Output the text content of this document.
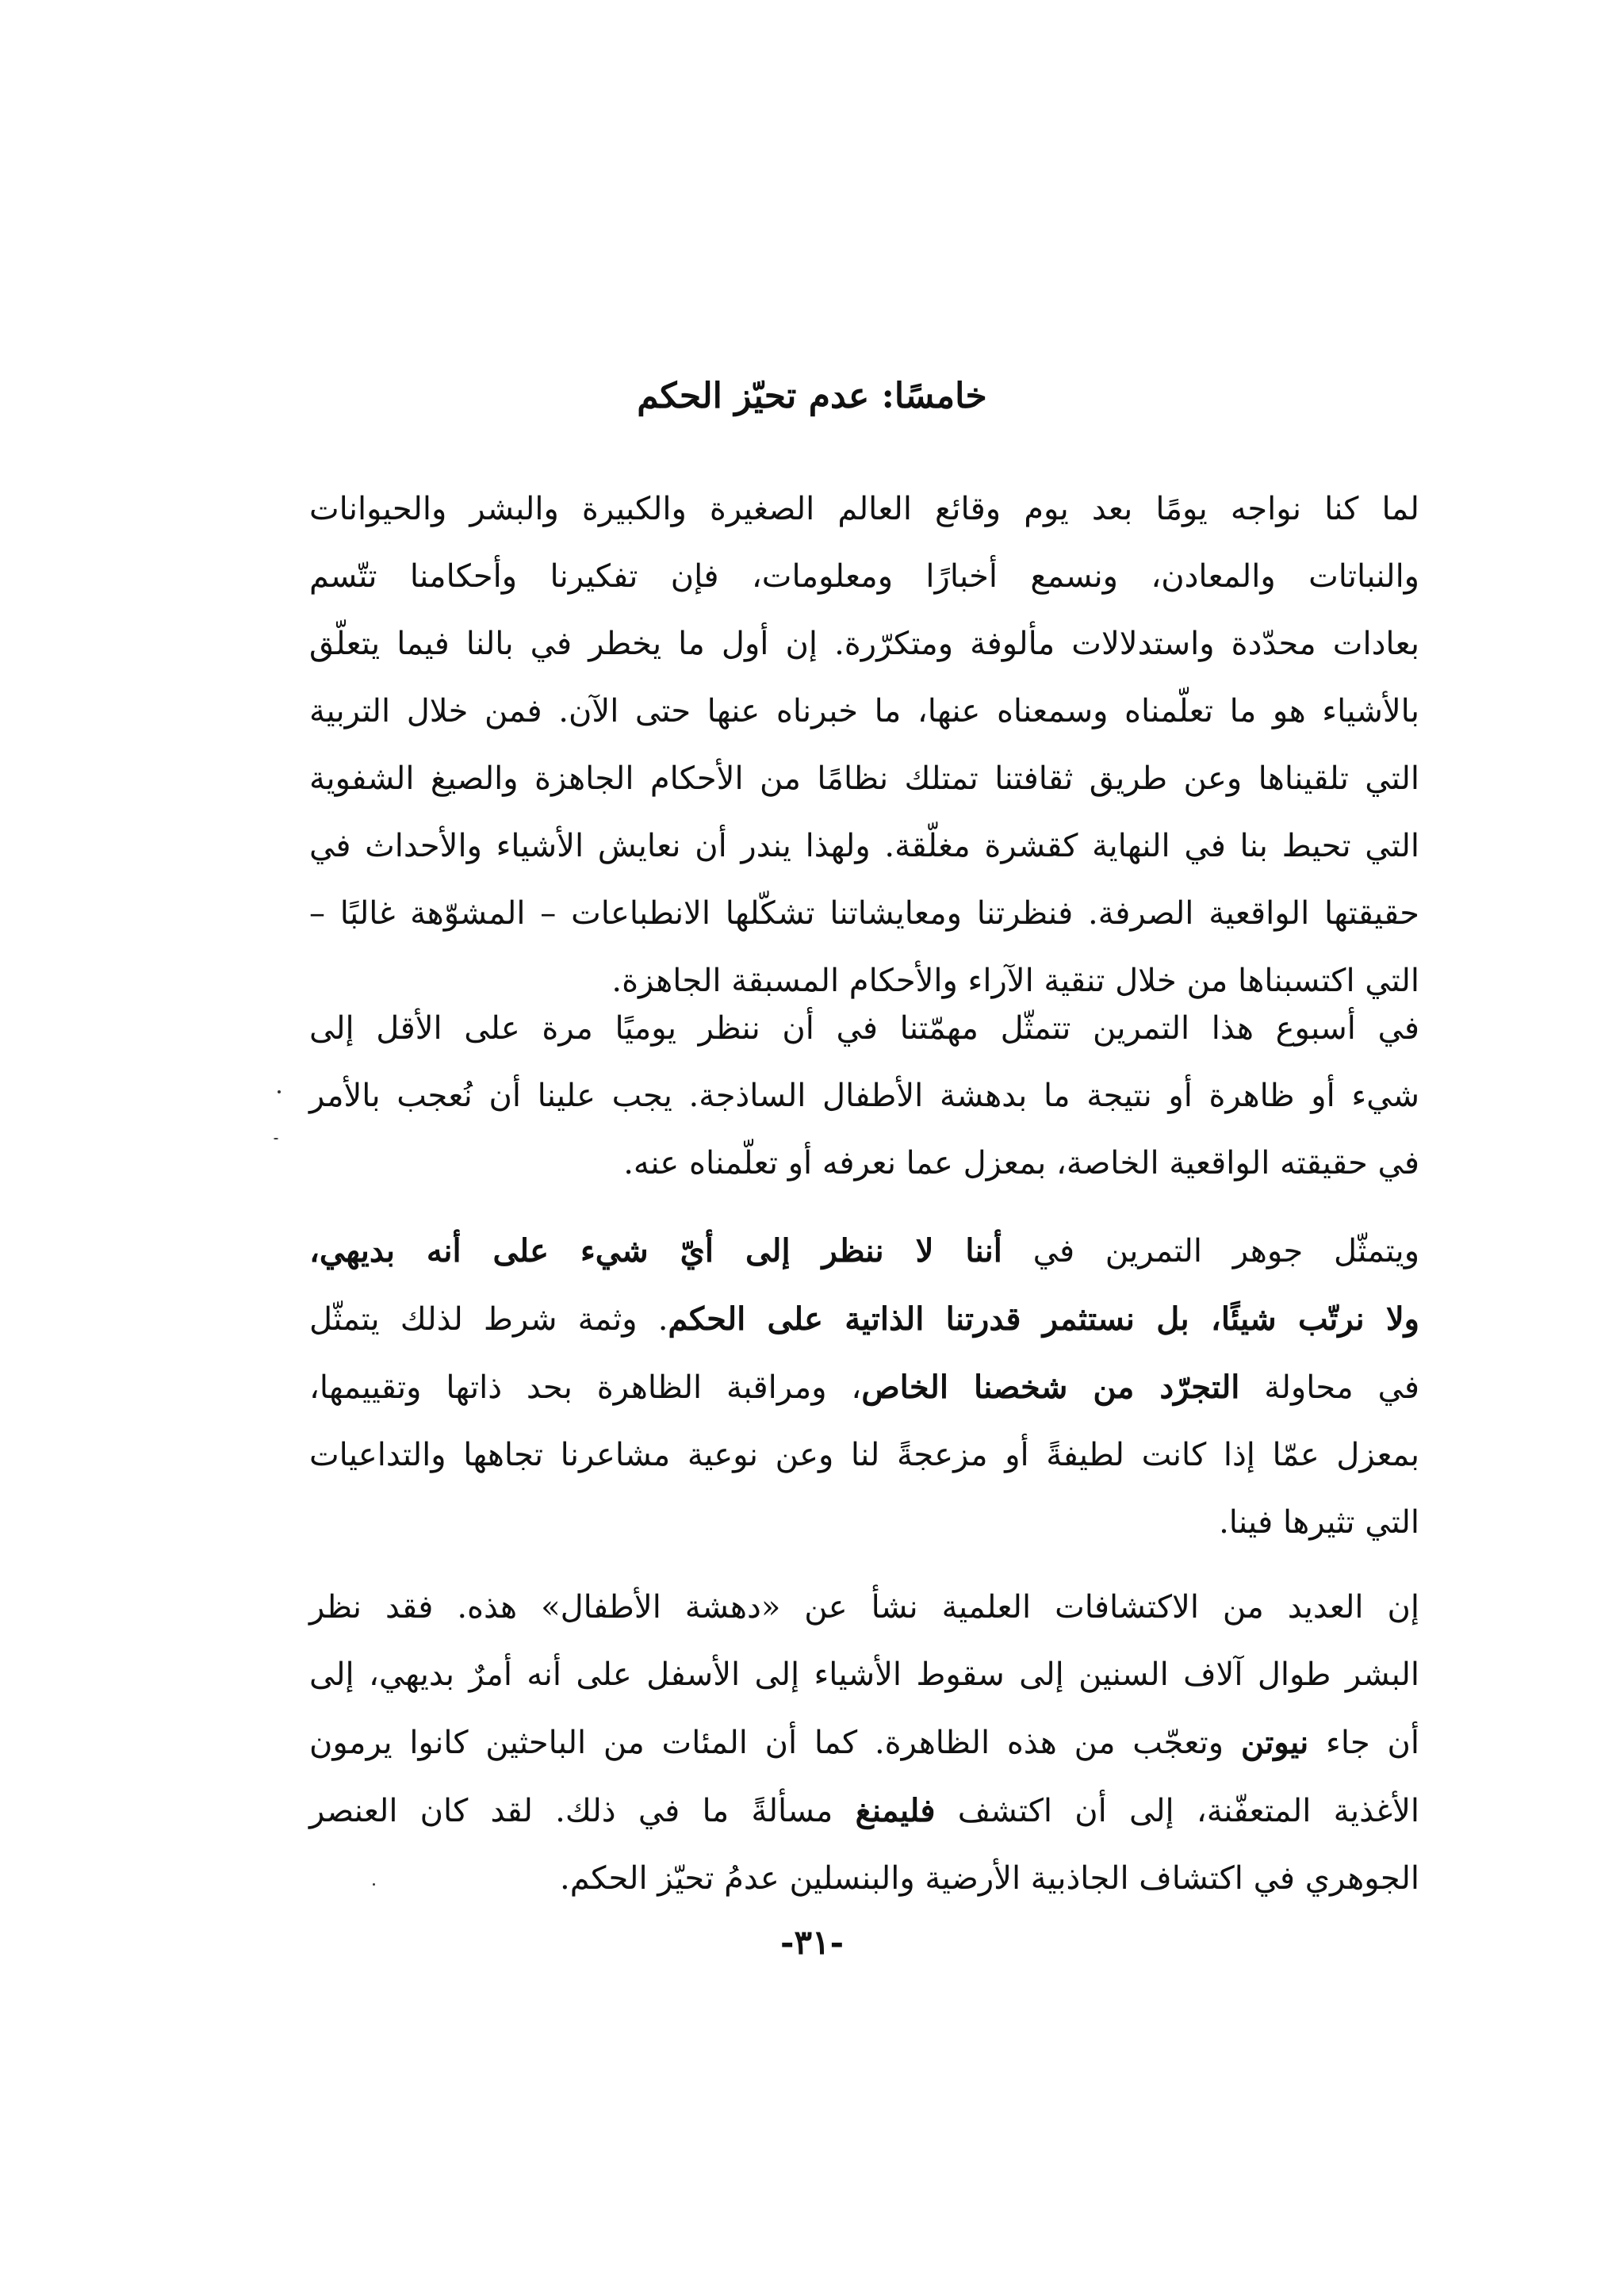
خامسًا: عدم تحيّز الحكم
لما كنا نواجه يومًا بعد يوم وقائع العالم الصغيرة والكبيرة والبشر والحيوانات
والنباتات والمعادن، ونسمع أخبارًا ومعلومات، فإن تفكيرنا وأحكامنا تتّسم
بعادات محدّدة واستدلالات مألوفة ومتكرّرة. إن أول ما يخطر في بالنا فيما يتعلّق
بالأشياء هو ما تعلّمناه وسمعناه عنها، ما خبرناه عنها حتى الآن. فمن خلال التربية
التي تلقيناها وعن طريق ثقافتنا تمتلك نظامًا من الأحكام الجاهزة والصيغ الشفوية
التي تحيط بنا في النهاية كقشرة مغلّقة. ولهذا يندر أن نعايش الأشياء والأحداث في
حقيقتها الواقعية الصرفة. فنظرتنا ومعايشاتنا تشكّلها الانطباعات – المشوّهة غالبًا –
التي اكتسبناها من خلال تنقية الآراء والأحكام المسبقة الجاهزة.
في أسبوع هذا التمرين تتمثّل مهمّتنا في أن ننظر يوميًا مرة على الأقل إلى
شيء أو ظاهرة أو نتيجة ما بدهشة الأطفال الساذجة. يجب علينا أن نُعجب بالأمر
في حقيقته الواقعية الخاصة، بمعزل عما نعرفه أو تعلّمناه عنه.
ويتمثّل جوهر التمرين في أننا لا ننظر إلى أيّ شيء على أنه بديهي،
ولا نرتّب شيئًا، بل نستثمر قدرتنا الذاتية على الحكم. وثمة شرط لذلك يتمثّل
في محاولة التجرّد من شخصنا الخاص، ومراقبة الظاهرة بحد ذاتها وتقييمها،
بمعزل عمّا إذا كانت لطيفةً أو مزعجةً لنا وعن نوعية مشاعرنا تجاهها والتداعيات
التي تثيرها فينا.
إن العديد من الاكتشافات العلمية نشأ عن «دهشة الأطفال» هذه. فقد نظر
البشر طوال آلاف السنين إلى سقوط الأشياء إلى الأسفل على أنه أمرٌ بديهي، إلى
أن جاء نيوتن وتعجّب من هذه الظاهرة. كما أن المئات من الباحثين كانوا يرمون
الأغذية المتعفّنة، إلى أن اكتشف فليمنغ مسألةً ما في ذلك. لقد كان العنصر
الجوهري في اكتشاف الجاذبية الأرضية والبنسلين عدمُ تحيّز الحكم.

-٣١-
